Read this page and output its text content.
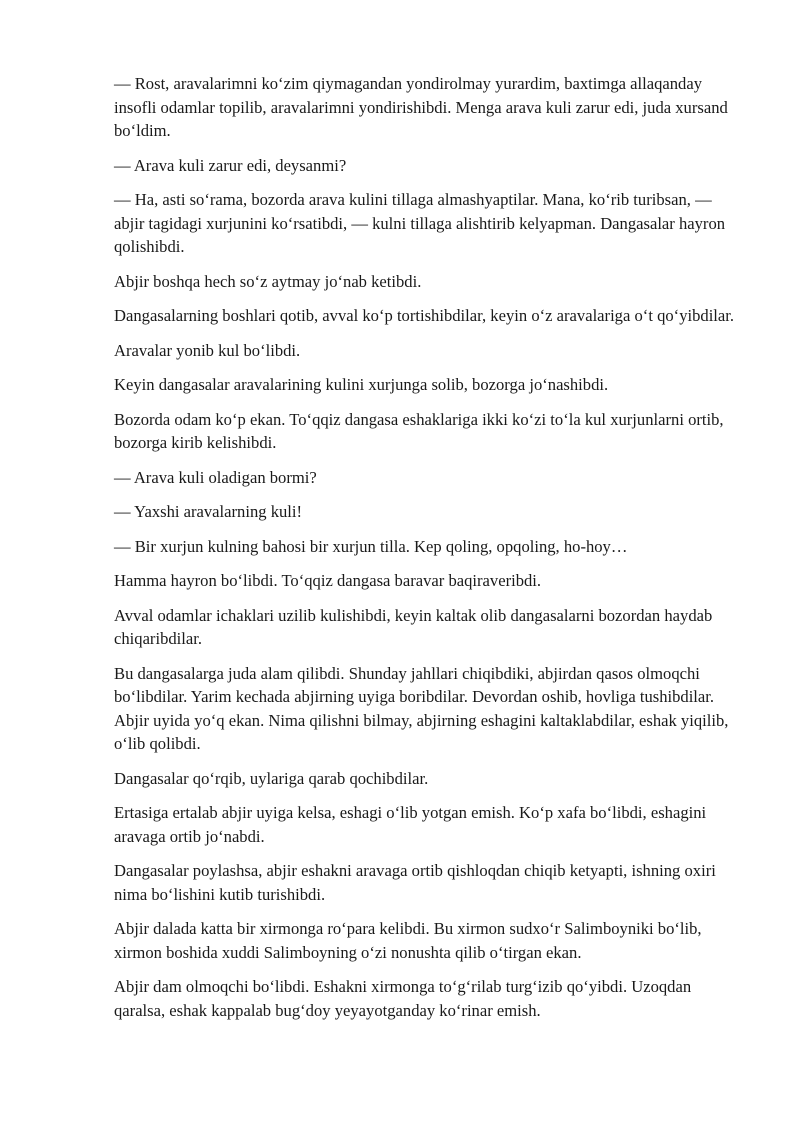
— Rost, aravalarimni ko‘zim qiymagandan yondirolmay yurardim, baxtimga allaqanday insofli odamlar topilib, aravalarimni yondirishibdi. Menga arava kuli zarur edi, juda xursand bo‘ldim.

— Arava kuli zarur edi, deysanmi?

— Ha, asti so‘rama, bozorda arava kulini tillaga almashyaptilar. Mana, ko‘rib turibsan, — abjir tagidagi xurjunini ko‘rsatibdi, — kulni tillaga alishtirib kelyapman. Dangasalar hayron qolishibdi.

Abjir boshqa hech so‘z aytmay jo‘nab ketibdi.

Dangasalarning boshlari qotib, avval ko‘p tortishibdilar, keyin o‘z aravalariga o‘t qo‘yibdilar.

Aravalar yonib kul bo‘libdi.

Keyin dangasalar aravalarining kulini xurjunga solib, bozorga jo‘nashibdi.

Bozorda odam ko‘p ekan. To‘qqiz dangasa eshaklariga ikki ko‘zi to‘la kul xurjunlarni ortib, bozorga kirib kelishibdi.

— Arava kuli oladigan bormi?

— Yaxshi aravalarning kuli!

— Bir xurjun kulning bahosi bir xurjun tilla. Kep qoling, opqoling, ho-hoy…

Hamma hayron bo‘libdi. To‘qqiz dangasa baravar baqiraveribdi.

Avval odamlar ichaklari uzilib kulishibdi, keyin kaltak olib dangasalarni bozordan haydab chiqaribdilar.

Bu dangasalarga juda alam qilibdi. Shunday jahllari chiqibdiki, abjirdan qasos olmoqchi bo‘libdilar. Yarim kechada abjirning uyiga boribdilar. Devordan oshib, hovliga tushibdilar. Abjir uyida yo‘q ekan. Nima qilishni bilmay, abjirning eshagini kaltaklabdilar, eshak yiqilib, o‘lib qolibdi.

Dangasalar qo‘rqib, uylariga qarab qochibdilar.

Ertasiga ertalab abjir uyiga kelsa, eshagi o‘lib yotgan emish. Ko‘p xafa bo‘libdi, eshagini aravaga ortib jo‘nabdi.

Dangasalar poylashsa, abjir eshakni aravaga ortib qishloqdan chiqib ketyapti, ishning oxiri nima bo‘lishini kutib turishibdi.

Abjir dalada katta bir xirmonga ro‘para kelibdi. Bu xirmon sudxo‘r Salimboyniki bo‘lib, xirmon boshida xuddi Salimboyning o‘zi nonushta qilib o‘tirgan ekan.

Abjir dam olmoqchi bo‘libdi. Eshakni xirmonga to‘g‘rilab turg‘izib qo‘yibdi. Uzoqdan qaralsa, eshak kappalab bug‘doy yeyayotganday ko‘rinar emish.
